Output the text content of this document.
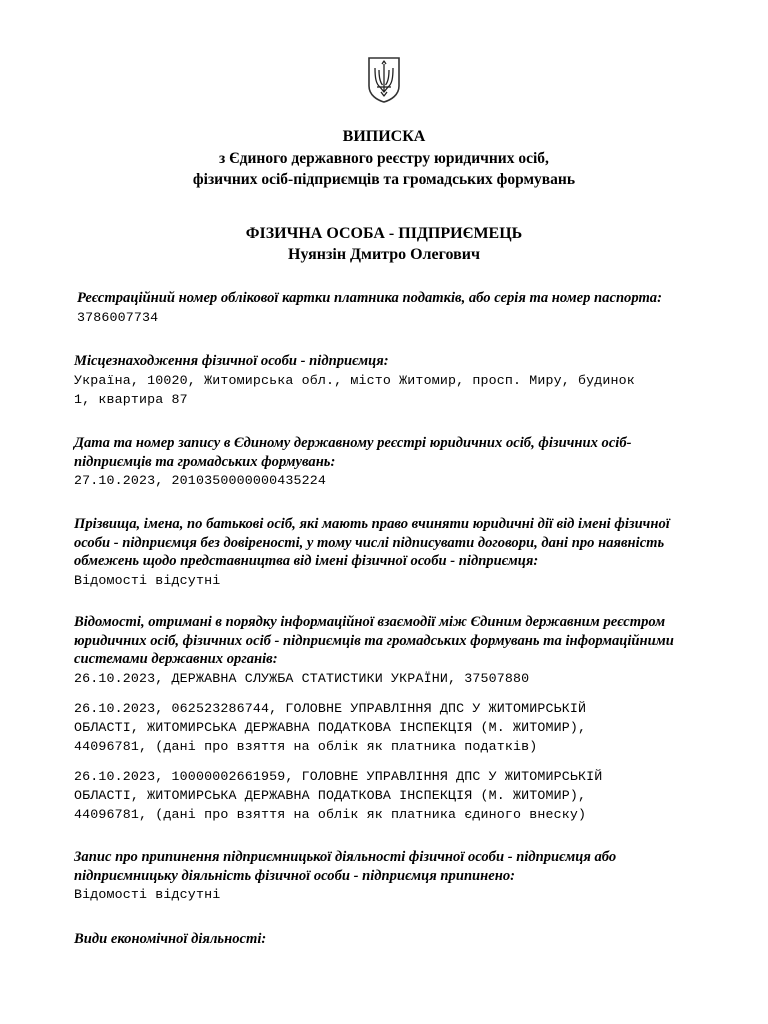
ВИПИСКА
з Єдиного державного реєстру юридичних осіб,
фізичних осіб-підприємців та громадських формувань
ФІЗИЧНА ОСОБА - ПІДПРИЄМЕЦЬ
Нуянзін Дмитро Олегович

Реєстраційний номер облікової картки платника податків, або серія та номер паспорта:

3786007734

Місцезнаходження фізичної особи - підприємця:

Україна, 10020, Житомирська обл., місто Житомир, просп. Миру, будинок

1, квартира 87

Дата та номер запису в Єдиному державному реєстрі юридичних осіб, фізичних осіб-

підприємців та громадських формувань:

27.10.2023, 2010350000000435224

Прізвища, імена, по батькові осіб, які мають право вчиняти юридичні дії від імені фізичної

особи - підприємця без довіреності, у тому числі підписувати договори, дані про наявність

обмежень щодо представництва від імені фізичної особи - підприємця:

Відомості відсутні

Відомості, отримані в порядку інформаційної взаємодії між Єдиним державним реєстром

юридичних осіб, фізичних осіб - підприємців та громадських формувань та інформаційними

системами державних органів:

26.10.2023, ДЕРЖАВНА СЛУЖБА СТАТИСТИКИ УКРАЇНИ, 37507880

26.10.2023, 062523286744, ГОЛОВНЕ УПРАВЛІННЯ ДПС У ЖИТОМИРСЬКІЙ

ОБЛАСТІ, ЖИТОМИРСЬКА ДЕРЖАВНА ПОДАТКОВА ІНСПЕКЦІЯ (М. ЖИТОМИР),

44096781, (дані про взяття на облік як платника податків)

26.10.2023, 10000002661959, ГОЛОВНЕ УПРАВЛІННЯ ДПС У ЖИТОМИРСЬКІЙ

ОБЛАСТІ, ЖИТОМИРСЬКА ДЕРЖАВНА ПОДАТКОВА ІНСПЕКЦІЯ (М. ЖИТОМИР),

44096781, (дані про взяття на облік як платника єдиного внеску)

Запис про припинення підприємницької діяльності фізичної особи - підприємця або

підприємницьку діяльність фізичної особи - підприємця припинено:

Відомості відсутні

Види економічної діяльності:
